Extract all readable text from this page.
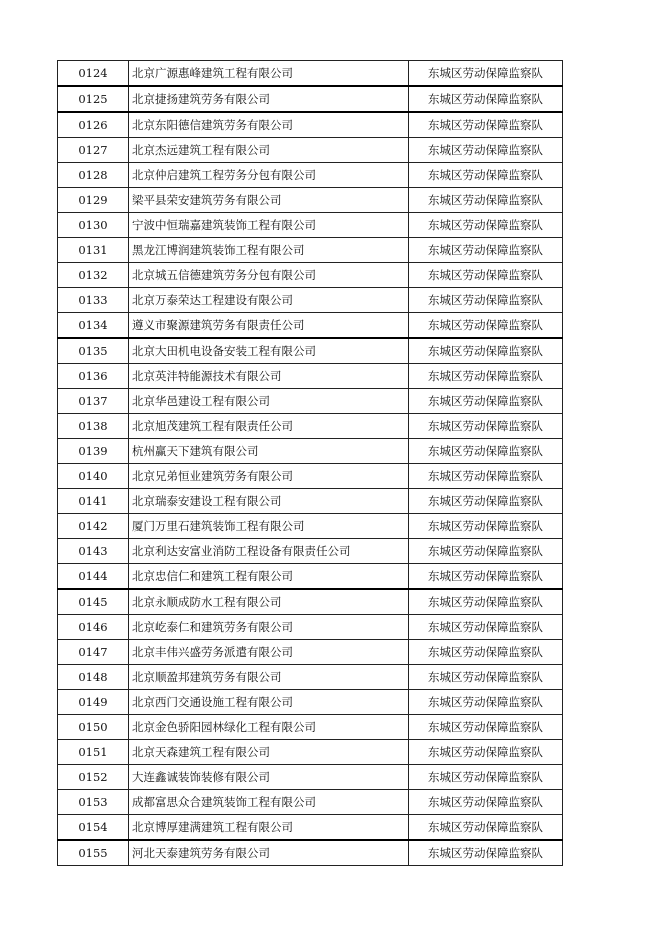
0124	北京广源惠峰建筑工程有限公司	东城区劳动保障监察队
0125	北京捷扬建筑劳务有限公司	东城区劳动保障监察队
0126	北京东阳德信建筑劳务有限公司	东城区劳动保障监察队
0127	北京杰远建筑工程有限公司	东城区劳动保障监察队
0128	北京仲启建筑工程劳务分包有限公司	东城区劳动保障监察队
0129	梁平县荣安建筑劳务有限公司	东城区劳动保障监察队
0130	宁波中恒瑞嘉建筑装饰工程有限公司	东城区劳动保障监察队
0131	黑龙江博润建筑装饰工程有限公司	东城区劳动保障监察队
0132	北京城五信德建筑劳务分包有限公司	东城区劳动保障监察队
0133	北京万泰荣达工程建设有限公司	东城区劳动保障监察队
0134	遵义市聚源建筑劳务有限责任公司	东城区劳动保障监察队
0135	北京大田机电设备安装工程有限公司	东城区劳动保障监察队
0136	北京英沣特能源技术有限公司	东城区劳动保障监察队
0137	北京华邑建设工程有限公司	东城区劳动保障监察队
0138	北京旭茂建筑工程有限责任公司	东城区劳动保障监察队
0139	杭州赢天下建筑有限公司	东城区劳动保障监察队
0140	北京兄弟恒业建筑劳务有限公司	东城区劳动保障监察队
0141	北京瑞泰安建设工程有限公司	东城区劳动保障监察队
0142	厦门万里石建筑装饰工程有限公司	东城区劳动保障监察队
0143	北京利达安富业消防工程设备有限责任公司	东城区劳动保障监察队
0144	北京忠信仁和建筑工程有限公司	东城区劳动保障监察队
0145	北京永顺成防水工程有限公司	东城区劳动保障监察队
0146	北京屹泰仁和建筑劳务有限公司	东城区劳动保障监察队
0147	北京丰伟兴盛劳务派遣有限公司	东城区劳动保障监察队
0148	北京顺盈邦建筑劳务有限公司	东城区劳动保障监察队
0149	北京西门交通设施工程有限公司	东城区劳动保障监察队
0150	北京金色骄阳园林绿化工程有限公司	东城区劳动保障监察队
0151	北京天森建筑工程有限公司	东城区劳动保障监察队
0152	大连鑫诚装饰装修有限公司	东城区劳动保障监察队
0153	成都富思众合建筑装饰工程有限公司	东城区劳动保障监察队
0154	北京博厚建满建筑工程有限公司	东城区劳动保障监察队
0155	河北天泰建筑劳务有限公司	东城区劳动保障监察队
